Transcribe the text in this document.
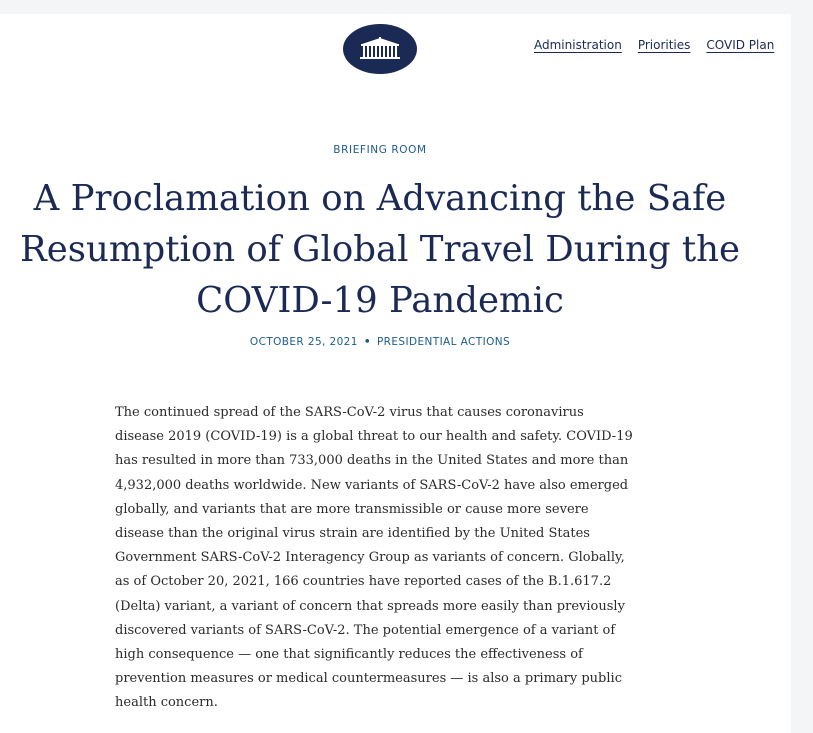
Administration Priorities COVID Plan
BRIEFING ROOM
A Proclamation on Advancing the Safe Resumption of Global Travel During the COVID-19 Pandemic
OCTOBER 25, 2021 • PRESIDENTIAL ACTIONS

The continued spread of the SARS-CoV-2 virus that causes coronavirus
disease 2019 (COVID-19) is a global threat to our health and safety. COVID-19
has resulted in more than 733,000 deaths in the United States and more than
4,932,000 deaths worldwide. New variants of SARS-CoV-2 have also emerged
globally, and variants that are more transmissible or cause more severe
disease than the original virus strain are identified by the United States
Government SARS-CoV-2 Interagency Group as variants of concern. Globally,
as of October 20, 2021, 166 countries have reported cases of the B.1.617.2
(Delta) variant, a variant of concern that spreads more easily than previously
discovered variants of SARS-CoV-2. The potential emergence of a variant of
high consequence — one that significantly reduces the effectiveness of
prevention measures or medical countermeasures — is also a primary public
health concern.
